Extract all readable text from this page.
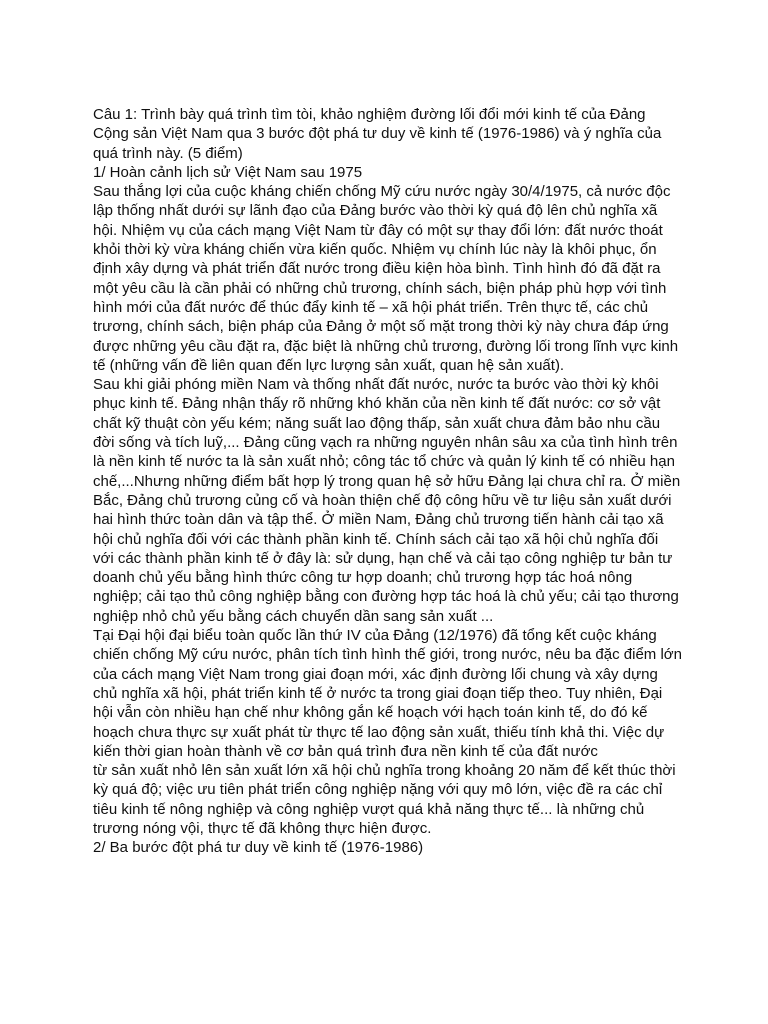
Câu 1: Trình bày quá trình tìm tòi, khảo nghiệm đường lối đổi mới kinh tế của Đảng Cộng sản Việt Nam qua 3 bước đột phá tư duy về kinh tế (1976-1986) và ý nghĩa của quá trình này. (5 điểm)

1/ Hoàn cảnh lịch sử Việt Nam sau 1975

Sau thắng lợi của cuộc kháng chiến chống Mỹ cứu nước ngày 30/4/1975, cả nước độc lập thống nhất dưới sự lãnh đạo của Đảng bước vào thời kỳ quá độ lên chủ nghĩa xã hội. Nhiệm vụ của cách mạng Việt Nam từ đây có một sự thay đổi lớn: đất nước thoát khỏi thời kỳ vừa kháng chiến vừa kiến quốc. Nhiệm vụ chính lúc này là khôi phục, ổn định xây dựng và phát triển đất nước trong điều kiện hòa bình. Tình hình đó đã đặt ra một yêu cầu là cần phải có những chủ trương, chính sách, biện pháp phù hợp với tình hình mới của đất nước để thúc đẩy kinh tế – xã hội phát triển. Trên thực tế, các chủ trương, chính sách, biện pháp của Đảng ở một số mặt trong thời kỳ này chưa đáp ứng được những yêu cầu đặt ra, đặc biệt là những chủ trương, đường lối trong lĩnh vực kinh tế (những vấn đề liên quan đến lực lượng sản xuất, quan hệ sản xuất).

Sau khi giải phóng miền Nam và thống nhất đất nước, nước ta bước vào thời kỳ khôi phục kinh tế. Đảng nhận thấy rõ những khó khăn của nền kinh tế đất nước: cơ sở vật chất kỹ thuật còn yếu kém; năng suất lao động thấp, sản xuất chưa đảm bảo nhu cầu đời sống và tích luỹ,... Đảng cũng vạch ra những nguyên nhân sâu xa của tình hình trên là nền kinh tế nước ta là sản xuất nhỏ; công tác tổ chức và quản lý kinh tế có nhiều hạn chế,...Nhưng những điểm bất hợp lý trong quan hệ sở hữu Đảng lại chưa chỉ ra. Ở miền Bắc, Đảng chủ trương củng cố và hoàn thiện chế độ công hữu về tư liệu sản xuất dưới hai hình thức toàn dân và tập thể. Ở miền Nam, Đảng chủ trương tiến hành cải tạo xã hội chủ nghĩa đối với các thành phần kinh tế. Chính sách cải tạo xã hội chủ nghĩa đối với các thành phần kinh tế ở đây là: sử dụng, hạn chế và cải tạo công nghiệp tư bản tư doanh chủ yếu bằng hình thức công tư hợp doanh; chủ trương hợp tác hoá nông nghiệp; cải tạo thủ công nghiệp bằng con đường hợp tác hoá là chủ yếu; cải tạo thương nghiệp nhỏ chủ yếu bằng cách chuyển dần sang sản xuất ...

Tại Đại hội đại biểu toàn quốc lần thứ IV của Đảng (12/1976) đã tổng kết cuộc kháng chiến chống Mỹ cứu nước, phân tích tình hình thế giới, trong nước, nêu ba đặc điểm lớn của cách mạng Việt Nam trong giai đoạn mới, xác định đường lối chung và xây dựng chủ nghĩa xã hội, phát triển kinh tế ở nước ta trong giai đoạn tiếp theo. Tuy nhiên, Đại hội vẫn còn nhiều hạn chế như không gắn kế hoạch với hạch toán kinh tế, do đó kế hoạch chưa thực sự xuất phát từ thực tế lao động sản xuất, thiếu tính khả thi. Việc dự kiến thời gian hoàn thành về cơ bản quá trình đưa nền kinh tế của đất nước

từ sản xuất nhỏ lên sản xuất lớn xã hội chủ nghĩa trong khoảng 20 năm để kết thúc thời kỳ quá độ; việc ưu tiên phát triển công nghiệp nặng với quy mô lớn, việc đề ra các chỉ tiêu kinh tế nông nghiệp và công nghiệp vượt quá khả năng thực tế... là những chủ trương nóng vội, thực tế đã không thực hiện được.

2/ Ba bước đột phá tư duy về kinh tế (1976-1986)
